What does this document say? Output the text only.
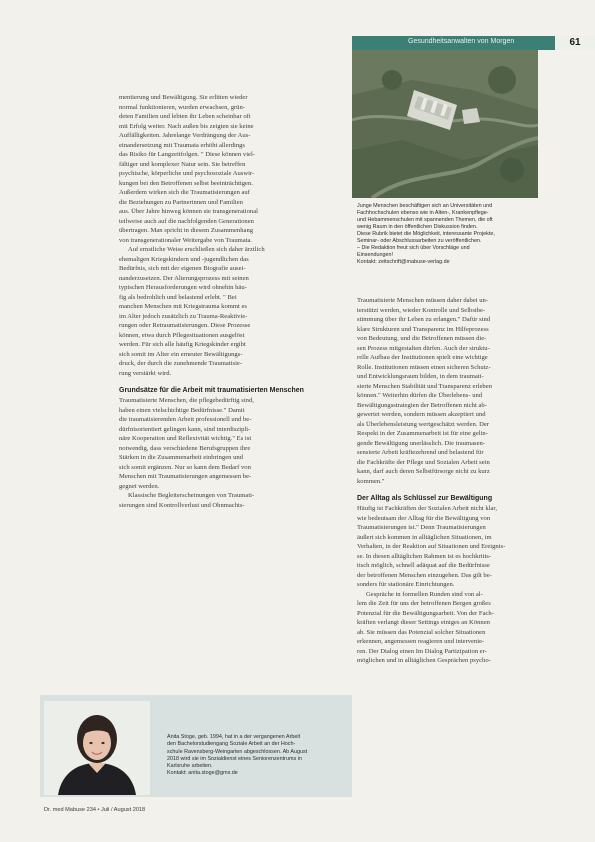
Gesundheitsanwalten von Morgen	61

Junge Menschen beschäftigen sich an Universitäten und

Fachhochschulen ebenso wie in Alten-, Krankenpflege-

und Hebammenschulen mit spannenden Themen, die oft

wenig Raum in den öffentlichen Diskussion finden.

Diese Rubrik bietet die Möglichkeit, interessante Projekte,

Seminar- oder Abschlussarbeiten zu veröffentlichen.

– Die Redaktion freut sich über Vorschläge und

Einsendungen!

Kontakt: zeitschrift@mabuse-verlag.de

mentierung und Bewältigung. Sie erlitten wieder

normal funktionieren, wurden erwachsen, grün-

deten Familien und lebten ihr Leben scheinbar oft

mit Erfolg weiter. Nach außen bis zeigten sie keine

Auffälligkeiten. Jahrelange Verdrängung der Aus-

einandersetzung mit Traumata erhöht allerdings

das Risiko für Langzeitfolgen. " Diese können viel-

fältiger und komplexer Natur sein. Sie betreffen

psychische, körperliche und psychosoziale Auswir-

kungen bei den Betroffenen selbst beeinträchtigen.

Außerdem wirken sich die Traumatisierungen auf

die Beziehungen zu Partnerinnen und Familien

aus. Über Jahre hinweg können sie transgenerational

teilweise auch auf die nachfolgenden Generationen

übertragen. Man spricht in diesem Zusammenhang

von transgenerationaler Weitergabe von Traumata.

Auf ernstliche Weise erschließen sich daher ärztlich

ehemaligen Kriegskindern und -jugendlichen das

Bedürfnis, sich mit der eigenen Biografie ausei-

nanderzusetzen. Der Alterungsprozess mit seinen

typischen Herausforderungen wird ohnehin häu-

fig als bedrohlich und belastend erlebt. " Bei

manchen Menschen mit Kriegstrauma kommt es

im Alter jedoch zusätzlich zu Trauma-Reaktivie-

rungen oder Retraumatisierungen. Diese Prozesse

können, etwa durch Pflegesituationen ausgelöst

werden. Für sich alle häufig Kriegskinder ergibt

sich somit im Alter ein erneuter Bewältigungs-

druck, der durch die zunehmende Traumatisie-

rung verstärkt wird.

Grundsätze für die Arbeit mit traumatisierten Menschen

Traumatisierte Menschen, die pflegebedürftig sind,

haben einen vielschichtige Bedürfnisse." Damit

die traumatisierenden Arbeit professionell und be-

dürfnisorientiert gelingen kann, sind interdiszipli-

näre Kooperation und Reflexivität wichtig." Es ist

notwendig, dass verschiedene Berufsgruppen ihre

Stärken in die Zusammenarbeit einbringen und

sich somit ergänzen. Nur so kann dem Bedarf von

Menschen mit Traumatisierungen angemessen be-

gegnet werden.

Klassische Begleiterscheinungen von Traumati-

sierungen sind Kontrollverlust und Ohnmachts-

Traumatisierte Menschen müssen daher dabei un-

terstützt werden, wieder Kontrolle und Selbstbe-

stimmung über ihr Leben zu erlangen." Dafür sind

klare Strukturen und Transparenz im Hilfeprozess

von Bedeutung, und die Betroffenen müssen die-

sen Prozess mitgestalten dürfen. Auch der struktu-

relle Aufbau der Institutionen spielt eine wichtige

Rolle. Institutionen müssen einen sicheren Schutz-

und Entwicklungsraum bilden, in dem traumati-

sierte Menschen Stabilität und Transparenz erleben

können." Weiterhin dürfen die Überlebens- und

Bewältigungsstrategien der Betroffenen nicht ab-

gewertet werden, sondern müssen akzeptiert und

als Überlebensleistung wertgeschätzt werden. Der

Respekt in der Zusammenarbeit ist für eine gelin-

gende Bewältigung unerlässlich. Die traumasen-

sensierte Arbeit kräftezehrend und belastend für

die Fachkräfte der Pflege und Sozialen Arbeit sein

kann, darf auch deren Selbstfürsorge nicht zu kurz

kommen."

Der Alltag als Schlüssel zur Bewältigung

Häufig ist Fachkräften der Sozialen Arbeit nicht klar,

wie bedeutsam der Alltag für die Bewältigung von

Traumatisierungen ist." Denn Traumatisierungen

äußert sich kommen in alltäglichen Situationen, im

Verhalten, in der Reaktion auf Situationen und Ereignis-

se. In diesen alltäglichen Rahmen ist es hochkritis-

tisch möglich, schnell adäquat auf die Bedürfnisse

der betroffenen Menschen einzugehen. Das gilt be-

sonders für stationäre Einrichtungen.

Gespräche in formellen Runden sind von al-

lem die Zeit für uns der betroffenen Bergen großes

Potenzial für die Bewältigungsarbeit. Von der Fach-

kräften verlangt dieser Settings einiges an Können

ab. Sie müssen das Potenzial solcher Situationen

erkennen, angemessen reagieren und intervenie-

ren. Der Dialog einen Im Dialog Partizipation er-

möglichen und in alltäglichen Gesprächen psycho-

Anita Stoge, geb. 1994, hat in a der vergangenen Arbeit

den Bachelorstudiengang Soziale Arbeit an der Hoch-

schule Ravensberg-Weingarten abgeschlossen. Ab August

2018 wird sie im Sozialdienst eines Seniorenzentrums in

Karlsruhe arbeiten.

Kontakt: anita.stoge@gmx.de

Dr. med Mabuse 234 • Juli / August 2018
